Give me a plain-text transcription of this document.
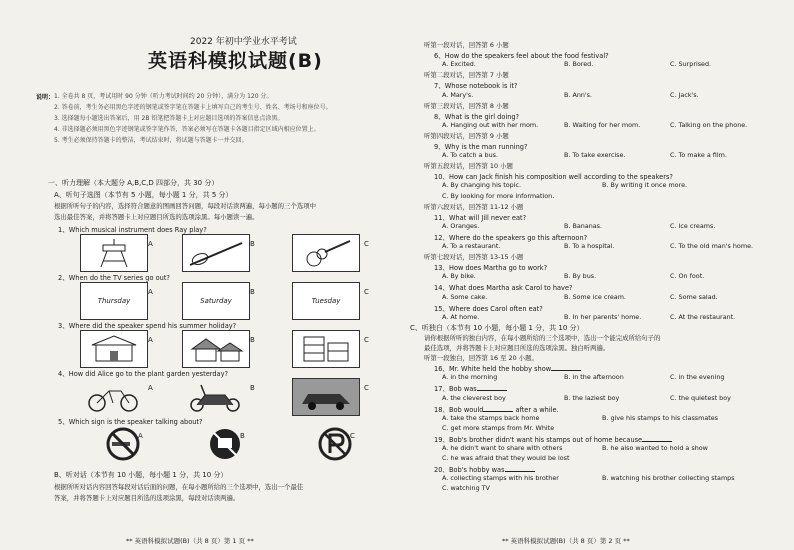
2022 年初中学业水平考试
英语科模拟试题(B)
说明： 1. 全卷共 8 页，考试用时 90 分钟（听力考试时间约 20 分钟），满分为 120 分。
2. 答卷前，考生务必用黑色字迹的钢笔或签字笔在答题卡上填写自己的考生号、姓名、考场号和座位号。
3. 选择题每小题选出答案后，用 2B 铅笔把答题卡上对应题目选项的答案信息点涂黑。
4. 非选择题必须用黑色字迹钢笔或签字笔作答，答案必须写在答题卡各题目指定区域内相应位置上。
5. 考生必须保持答题卡的整洁，考试结束时，将试题与答题卡一并交回。
一、听力理解（本大题分 A,B,C,D 四部分，共 30 分）
A、听句子选图（本节有 5 小题，每小题 1 分，共 5 分）
根据所听句子的内容，选择符合题意的图画回答问题，每段对话读两遍，每小题的三个选项中
选出最佳答案，并将答题卡上对应题目所选的选项涂黑。每小题读一遍。
1、Which musical instrument does Ray play?
A	B	C
2、When do the TV series go out?
Thursday
A
Saturday
B
Tuesday
C
3、Where did the speaker spend his summer holiday?
A	B	C
4、How did Alice go to the plant garden yesterday?
A	B	C
5、Which sign is the speaker talking about?
A	B	C
B、听对话（本节有 10 小题，每小题 1 分，共 10 分）
根据所听对话内容回答每段对话后面的问题，在每小题所给的三个选项中，选出一个最佳
答案，并将答题卡上对应题目所选的选项涂黑，每段对话读两遍。
** 英语科模拟试题(B)（共 8 页）第 1 页 **
听第一段对话，回答第 6 小题
6、How do the speakers feel about the food festival?
A. Excited.	B. Bored.	C. Surprised.
听第二段对话，回答第 7 小题
7、Whose notebook is it?
A. Mary's.	B. Ann's.	C. Jack's.
听第三段对话，回答第 8 小题
8、What is the girl doing?
A. Hanging out with her mom.	B. Waiting for her mom.	C. Talking on the phone.
听第四段对话，回答第 9 小题
9、Why is the man running?
A. To catch a bus.	B. To take exercise.	C. To make a film.
听第五段对话，回答第 10 小题
10、How can Jack finish his composition well according to the speakers?
A. By changing his topic.	B. By writing it once more.
C. By looking for more information.
听第六段对话，回答第 11-12 小题
11、What will Jill never eat?
A. Oranges.	B. Bananas.	C. Ice creams.
12、Where do the speakers go this afternoon?
A. To a restaurant.	B. To a hospital.	C. To the old man's home.
听第七段对话，回答第 13-15 小题
13、How does Martha go to work?
A. By bike.	B. By bus.	C. On foot.
14、What does Martha ask Carol to have?
A. Some cake.	B. Some ice cream.	C. Some salad.
15、Where does Carol often eat?
A. At home.	B. In her parents' home.	C. At the restaurant.
C、听独白（本节有 10 小题，每小题 1 分，共 10 分）
请你根据所听的独白内容，在每小题所给的三个选项中，选出一个能完成所给句子的
最佳选项，并将答题卡上对应题目所选的选项涂黑。独白听两遍。
听第一段独白，回答第 16 至 20 小题。
16、Mr. White held the hobby show
A. in the morning	B. in the afternoon	C. in the evening
17、Bob was
A. the cleverest boy	B. the laziest boy	C. the quietest boy
18、Bob would	after a while.
A. take the stamps back home	B. give his stamps to his classmates
C. get more stamps from Mr. White
19、Bob's brother didn't want his stamps out of home because
A. he didn't want to share with others	B. he also wanted to hold a show
C. he was afraid that they would be lost
20、Bob's hobby was
A. collecting stamps with his brother	B. watching his brother collecting stamps
C. watching TV
** 英语科模拟试题(B)（共 8 页）第 2 页 **
